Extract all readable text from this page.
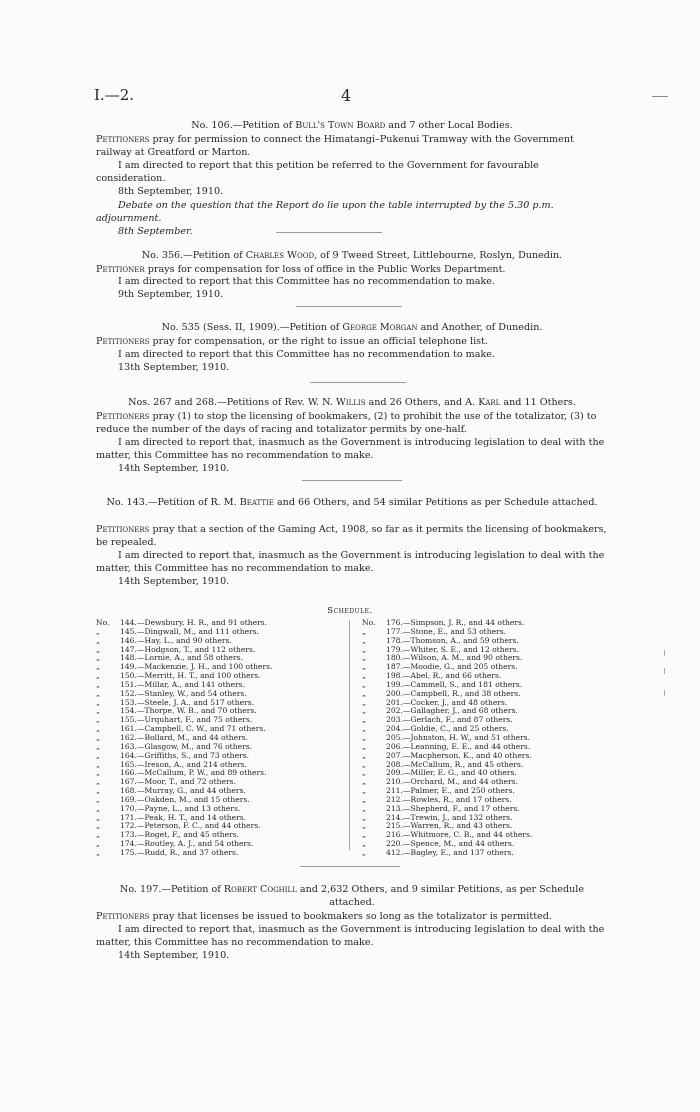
I.—2.	4

No. 106.—Petition of Bull's Town Board and 7 other Local Bodies.

Petitioners pray for permission to connect the Himatangi–Pukenui Tramway with the Government railway at Greatford or Marton.

I am directed to report that this petition be referred to the Government for favourable consideration.

8th September, 1910.

Debate on the question that the Report do lie upon the table interrupted by the 5.30 p.m. adjournment.

8th September.

No. 356.—Petition of Charles Wood, of 9 Tweed Street, Littlebourne, Roslyn, Dunedin.

Petitioner prays for compensation for loss of office in the Public Works Department.

I am directed to report that this Committee has no recommendation to make.

9th September, 1910.

No. 535 (Sess. II, 1909).—Petition of George Morgan and Another, of Dunedin.

Petitioners pray for compensation, or the right to issue an official telephone list.

I am directed to report that this Committee has no recommendation to make.

13th September, 1910.

Nos. 267 and 268.—Petitions of Rev. W. N. Willis and 26 Others, and A. Karl and 11 Others.

Petitioners pray (1) to stop the licensing of bookmakers, (2) to prohibit the use of the totalizator, (3) to reduce the number of the days of racing and totalizator permits by one-half.

I am directed to report that, inasmuch as the Government is introducing legislation to deal with the matter, this Committee has no recommendation to make.

14th September, 1910.

No. 143.—Petition of R. M. Beattie and 66 Others, and 54 similar Petitions as per Schedule attached.

Petitioners pray that a section of the Gaming Act, 1908, so far as it permits the licensing of bookmakers, be repealed.

I am directed to report that, inasmuch as the Government is introducing legislation to deal with the matter, this Committee has no recommendation to make.

14th September, 1910.

Schedule.

No. 144.—Dewsbury, H. R., and 91 others.
„	145.—Dingwall, M., and 111 others.
„	146.—Hay, L., and 90 others.
„	147.—Hodgson, T., and 112 others.
„	148.—Lornie, A., and 58 others.
„	149.—Mackenzie, J. H., and 100 others.
„	150.—Merritt, H. T., and 100 others.
„	151.—Millar, A., and 141 others.
„	152.—Stanley, W., and 54 others.
„	153.—Steele, J. A., and 517 others.
„	154.—Thorpe, W. B., and 70 others.
„	155.—Urquhart, F., and 75 others.
„	161.—Campbell, C. W., and 71 others.
„	162.—Bollard, M., and 44 others.
„	163.—Glasgow, M., and 76 others.
„	164.—Griffiths, S., and 73 others.
„	165.—Ireson, A., and 214 others.
„	166.—McCallum, P. W., and 89 others.
„	167.—Moor, T., and 72 others.
„	168.—Murray, G., and 44 others.
„	169.—Oakden, M., and 15 others.
„	170.—Payne, L., and 13 others.
„	171.—Peak, H. T., and 14 others.
„	172.—Peterson, F. C., and 44 others.
„	173.—Roget, F., and 45 others.
„	174.—Routley, A. J., and 54 others.
„	175.—Rudd, R., and 37 others.
No. 176.—Simpson, J. R., and 44 others.
„	177.—Stone, E., and 53 others.
„	178.—Thomson, A., and 59 others.
„	179.—Whiter, S. E., and 12 others.
„	180.—Wilson, A. M., and 90 others.
„	187.—Moodie, G., and 205 others.
„	198.—Abel, R., and 66 others.
„	199.—Cammell, S., and 181 others.
„	200.—Campbell, R., and 38 others.
„	201.—Cocker, J., and 48 others.
„	202.—Gallagher, J., and 68 others.
„	203.—Gerlach, F., and 87 others.
„	204.—Goldie, C., and 25 others.
„	205.—Johnston, H. W., and 51 others.
„	206.—Leanning, E. E., and 44 others.
„	207.—Macpherson, K., and 40 others.
„	208.—McCallum, R., and 45 others.
„	209.—Miller, E. G., and 40 others.
„	210.—Orchard, M., and 44 others.
„	211.—Palmer, E., and 250 others.
„	212.—Rowles, R., and 17 others.
„	213.—Shepherd, F., and 17 others.
„	214.—Trewin, J., and 132 others.
„	215.—Warren, R., and 43 others.
„	216.—Whitmore, C. B., and 44 others.
„	220.—Spence, M., and 44 others.
„	412.—Bagley, E., and 137 others.

No. 197.—Petition of Robert Coghill and 2,632 Others, and 9 similar Petitions, as per Schedule attached.

Petitioners pray that licenses be issued to bookmakers so long as the totalizator is permitted.

I am directed to report that, inasmuch as the Government is introducing legislation to deal with the matter, this Committee has no recommendation to make.

14th September, 1910.
